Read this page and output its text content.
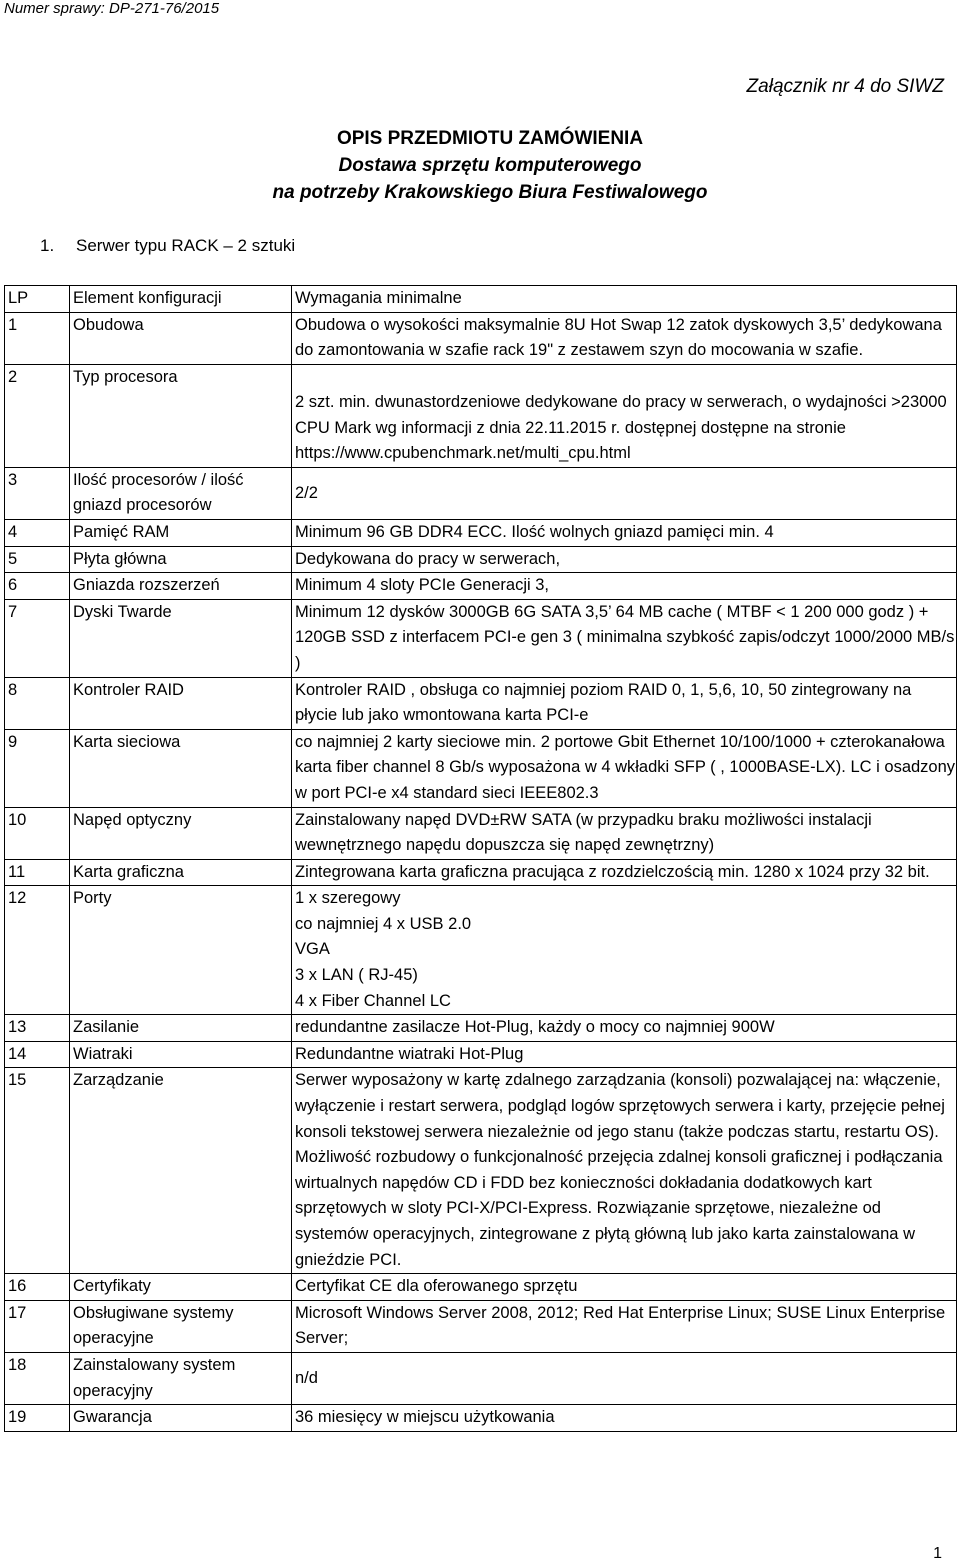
Numer sprawy: DP-271-76/2015
Załącznik nr 4 do SIWZ
OPIS PRZEDMIOTU ZAMÓWIENIA
Dostawa sprzętu komputerowego
na potrzeby Krakowskiego Biura Festiwalowego
1. Serwer typu RACK – 2 sztuki
LP	Element konfiguracji	Wymagania minimalne
1	Obudowa	Obudowa o wysokości maksymalnie 8U Hot Swap 12 zatok dyskowych 3,5’ dedykowana do zamontowania w szafie rack 19" z zestawem szyn do mocowania w szafie.
2	Typ procesora	2 szt. min. dwunastordzeniowe dedykowane do pracy w serwerach, o wydajności >23000 CPU Mark wg informacji z dnia 22.11.2015 r. dostępnej dostępne na stronie https://www.cpubenchmark.net/multi_cpu.html
3	Ilość procesorów / ilość gniazd procesorów	2/2
4	Pamięć RAM	Minimum 96 GB DDR4 ECC. Ilość wolnych gniazd pamięci min. 4
5	Płyta główna	Dedykowana do pracy w serwerach,
6	Gniazda rozszerzeń	Minimum 4 sloty PCIe Generacji 3,
7	Dyski Twarde	Minimum 12 dysków 3000GB 6G SATA 3,5’ 64 MB cache ( MTBF < 1 200 000 godz ) + 120GB SSD z interfacem PCI-e gen 3 ( minimalna szybkość zapis/odczyt 1000/2000 MB/s )
8	Kontroler RAID	Kontroler RAID , obsługa co najmniej poziom RAID 0, 1, 5,6, 10, 50 zintegrowany na płycie lub jako wmontowana karta PCI-e
9	Karta sieciowa	co najmniej 2 karty sieciowe min. 2 portowe Gbit Ethernet 10/100/1000 + czterokanałowa karta fiber channel 8 Gb/s wyposażona w 4 wkładki SFP ( , 1000BASE-LX). LC i osadzony w port PCI-e x4 standard sieci IEEE802.3
10	Napęd optyczny	Zainstalowany napęd DVD±RW SATA (w przypadku braku możliwości instalacji wewnętrznego napędu dopuszcza się napęd zewnętrzny)
11	Karta graficzna	Zintegrowana karta graficzna pracująca z rozdzielczością min. 1280 x 1024 przy 32 bit.
12	Porty	1 x szeregowy
co najmniej 4 x USB 2.0
VGA
3 x LAN ( RJ-45)
4 x Fiber Channel LC

13	Zasilanie	redundantne zasilacze Hot-Plug, każdy o mocy co najmniej 900W
14	Wiatraki	Redundantne wiatraki Hot-Plug
15	Zarządzanie	Serwer wyposażony w kartę zdalnego zarządzania (konsoli) pozwalającej na: włączenie, wyłączenie i restart serwera, podgląd logów sprzętowych serwera i karty, przejęcie pełnej konsoli tekstowej serwera niezależnie od jego stanu (także podczas startu, restartu OS). Możliwość rozbudowy o funkcjonalność przejęcia zdalnej konsoli graficznej i podłączania wirtualnych napędów CD i FDD bez konieczności dokładania dodatkowych kart sprzętowych w sloty PCI-X/PCI-Express. Rozwiązanie sprzętowe, niezależne od systemów operacyjnych, zintegrowane z płytą główną lub jako karta zainstalowana w gnieździe PCI.
16	Certyfikaty	Certyfikat CE dla oferowanego sprzętu
17	Obsługiwane systemy operacyjne	Microsoft Windows Server 2008, 2012; Red Hat Enterprise Linux; SUSE Linux Enterprise Server;
18	Zainstalowany system operacyjny	n/d
19	Gwarancja	36 miesięcy w miejscu użytkowania
1
